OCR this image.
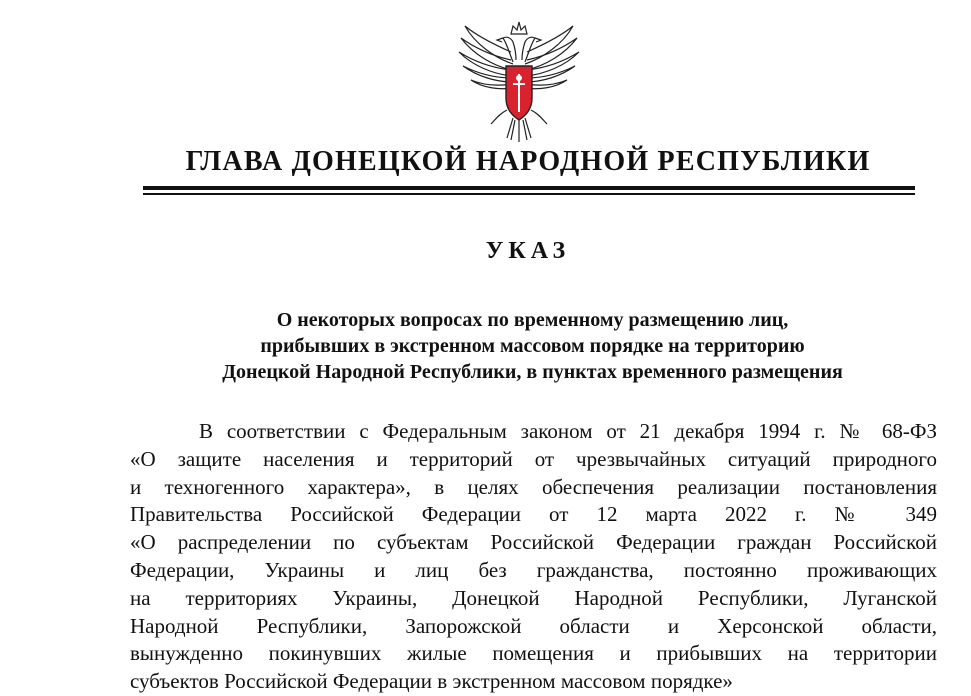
ГЛАВА ДОНЕЦКОЙ НАРОДНОЙ РЕСПУБЛИКИ
УКАЗ
О некоторых вопросах по временному размещению лиц,
прибывших в экстренном массовом порядке на территорию
Донецкой Народной Республики, в пунктах временного размещения
В соответствии с Федеральным законом от 21 декабря 1994 г. № 68-ФЗ
«О защите населения и территорий от чрезвычайных ситуаций природного
и техногенного характера», в целях обеспечения реализации постановления
Правительства Российской Федерации от 12 марта 2022 г. № 349
«О распределении по субъектам Российской Федерации граждан Российской
Федерации, Украины и лиц без гражданства, постоянно проживающих
на территориях Украины, Донецкой Народной Республики, Луганской
Народной Республики, Запорожской области и Херсонской области,
вынужденно покинувших жилые помещения и прибывших на территории
субъектов Российской Федерации в экстренном массовом порядке»
